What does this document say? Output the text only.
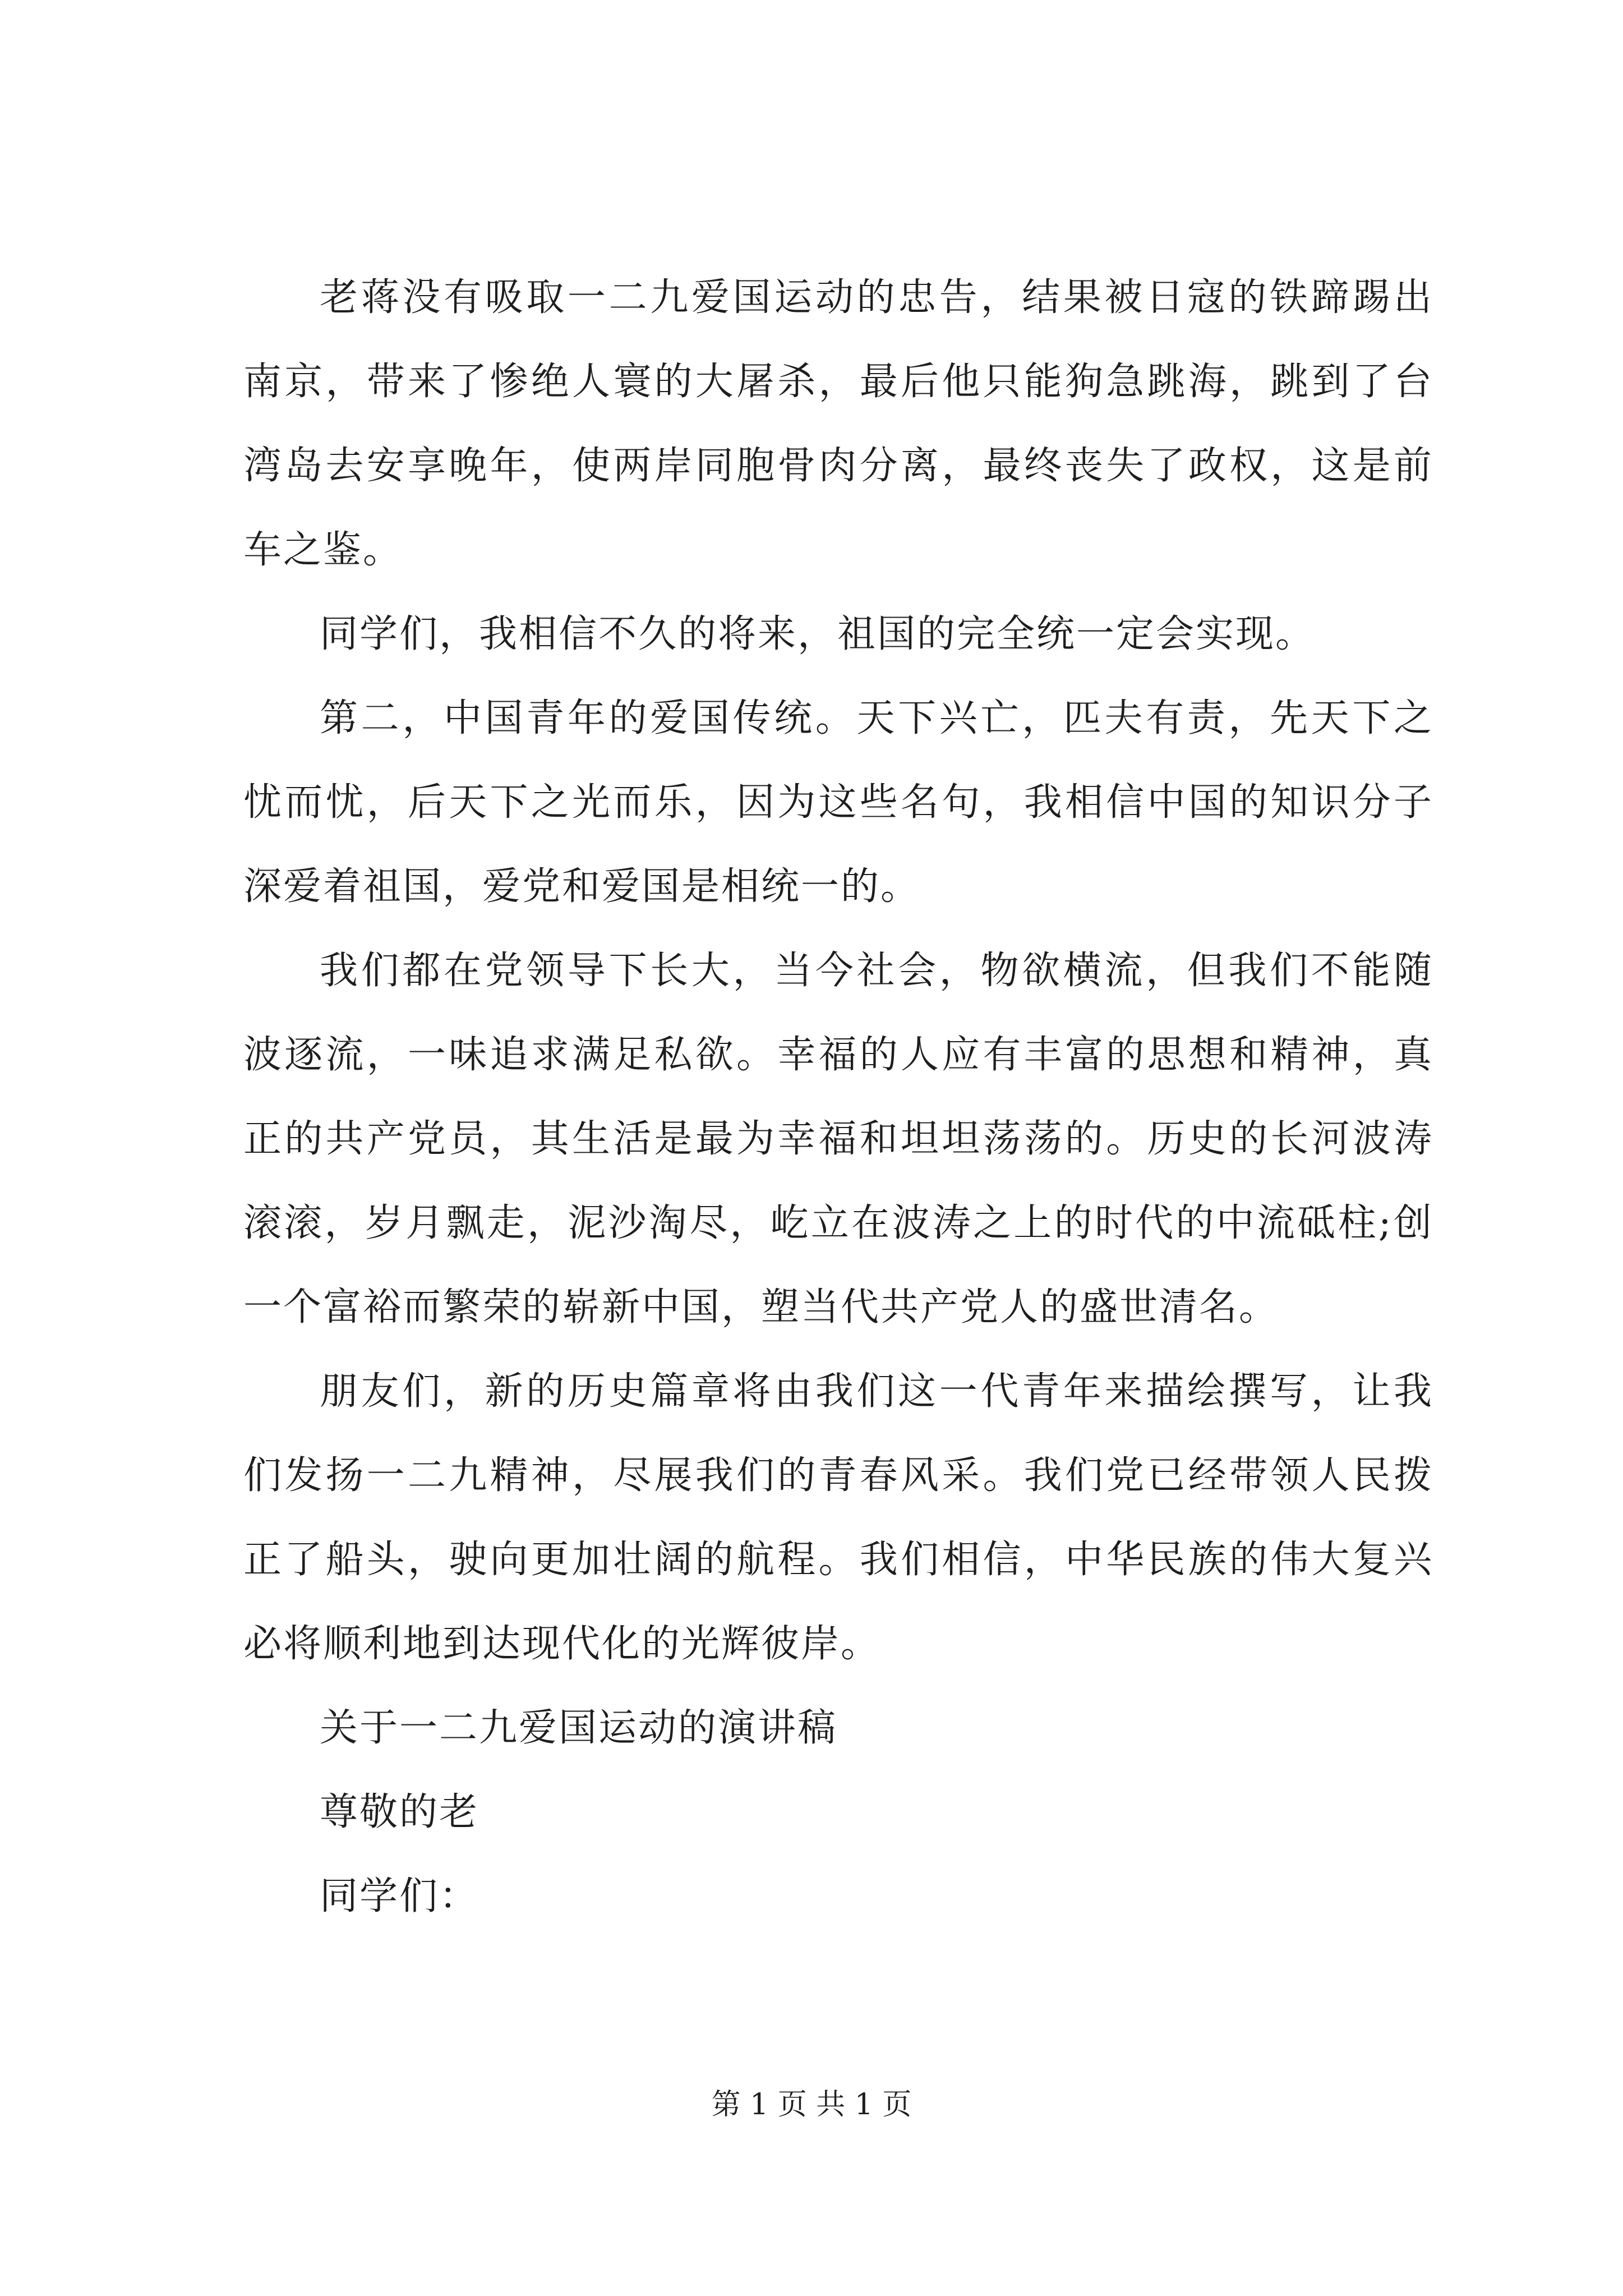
老蒋没有吸取一二九爱国运动的忠告，结果被日寇的铁蹄踢出南京，带来了惨绝人寰的大屠杀，最后他只能狗急跳海，跳到了台湾岛去安享晚年，使两岸同胞骨肉分离，最终丧失了政权，这是前车之鉴。

同学们，我相信不久的将来，祖国的完全统一定会实现。

第二，中国青年的爱国传统。天下兴亡，匹夫有责，先天下之忧而忧，后天下之光而乐，因为这些名句，我相信中国的知识分子深爱着祖国，爱党和爱国是相统一的。

我们都在党领导下长大，当今社会，物欲横流，但我们不能随波逐流，一味追求满足私欲。幸福的人应有丰富的思想和精神，真正的共产党员，其生活是最为幸福和坦坦荡荡的。历史的长河波涛滚滚，岁月飘走，泥沙淘尽，屹立在波涛之上的时代的中流砥柱;创一个富裕而繁荣的崭新中国，塑当代共产党人的盛世清名。

朋友们，新的历史篇章将由我们这一代青年来描绘撰写，让我们发扬一二九精神，尽展我们的青春风采。我们党已经带领人民拨正了船头，驶向更加壮阔的航程。我们相信，中华民族的伟大复兴必将顺利地到达现代化的光辉彼岸。

关于一二九爱国运动的演讲稿

尊敬的老

同学们：

第 1 页 共 1 页
